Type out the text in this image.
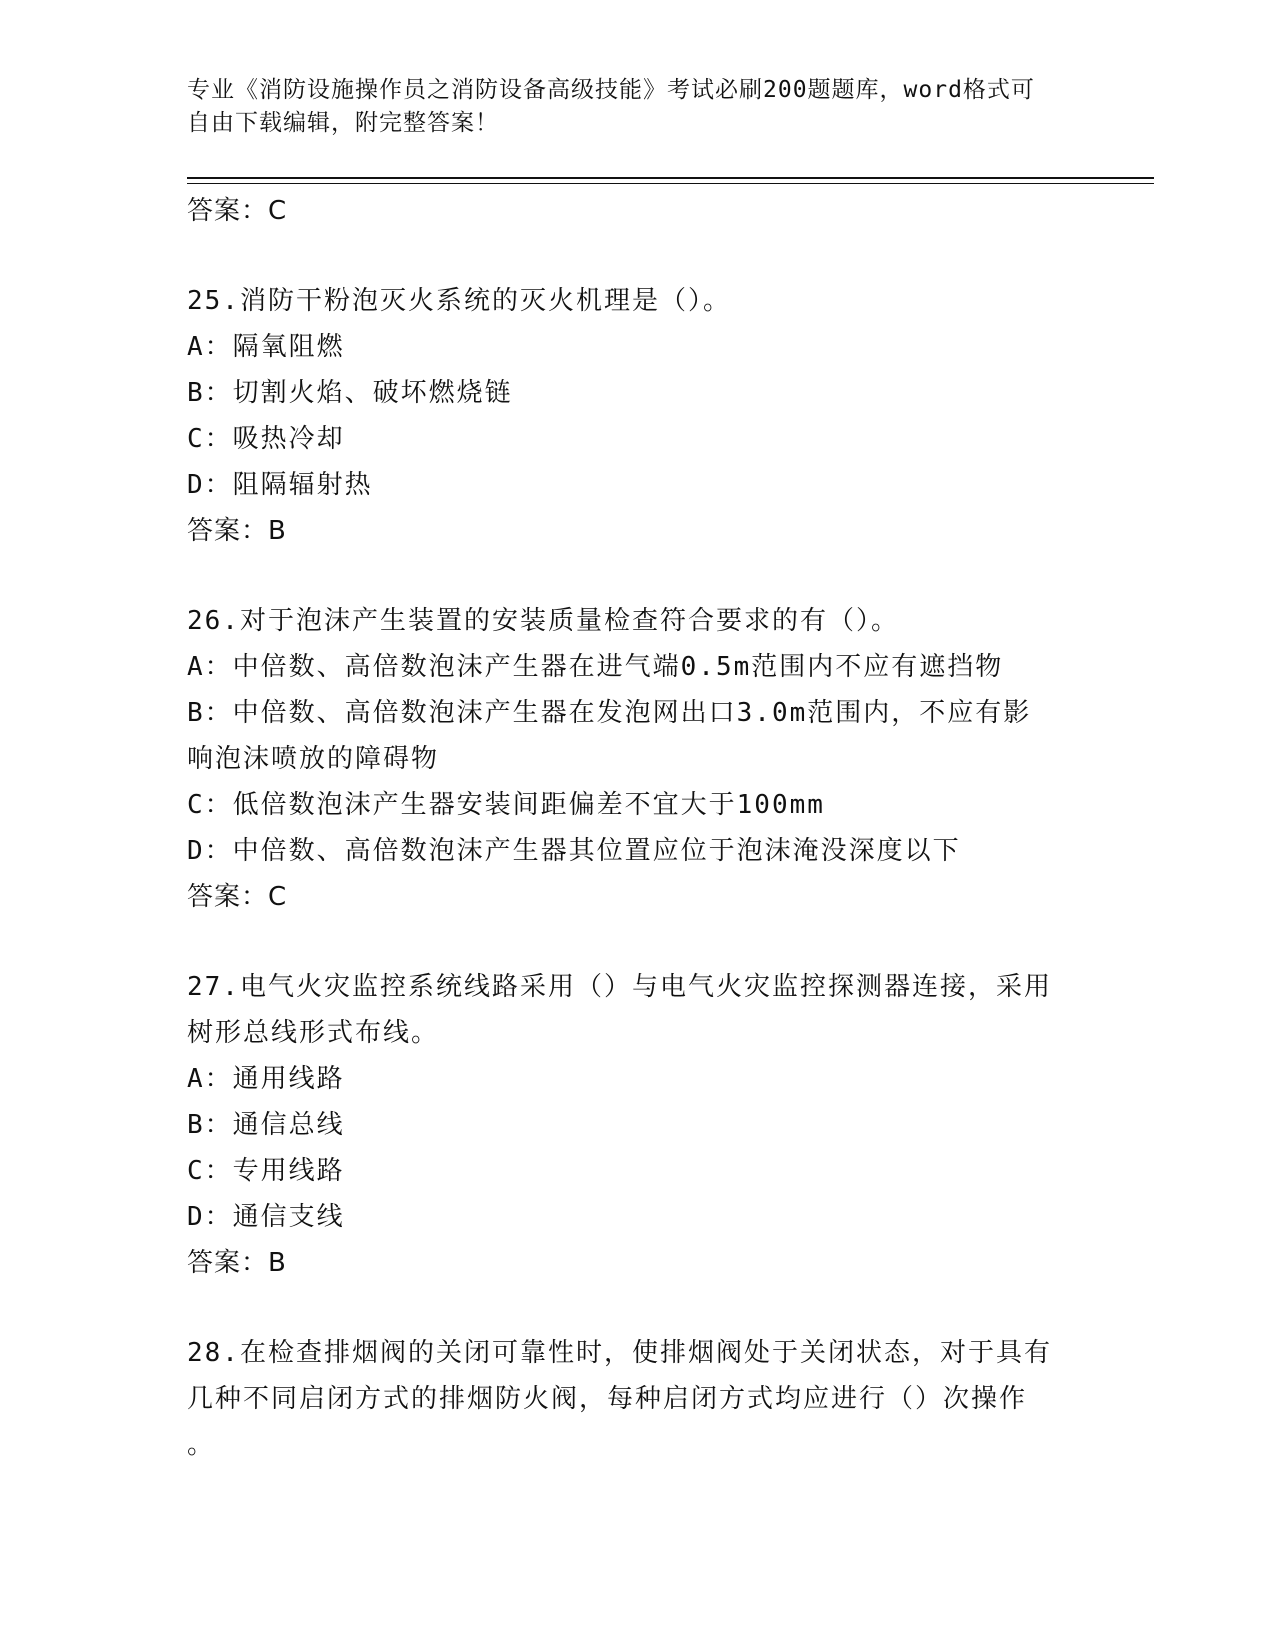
专业《消防设施操作员之消防设备高级技能》考试必刷200题题库，word格式可
自由下载编辑，附完整答案！
答案：C
25.消防干粉泡灭火系统的灭火机理是（）。
A：隔氧阻燃
B：切割火焰、破坏燃烧链
C：吸热冷却
D：阻隔辐射热
答案：B
26.对于泡沫产生装置的安装质量检查符合要求的有（）。
A：中倍数、高倍数泡沫产生器在进气端0.5m范围内不应有遮挡物
B：中倍数、高倍数泡沫产生器在发泡网出口3.0m范围内，不应有影
响泡沫喷放的障碍物
C：低倍数泡沫产生器安装间距偏差不宜大于100mm
D：中倍数、高倍数泡沫产生器其位置应位于泡沫淹没深度以下
答案：C
27.电气火灾监控系统线路采用（）与电气火灾监控探测器连接，采用
树形总线形式布线。
A：通用线路
B：通信总线
C：专用线路
D：通信支线
答案：B
28.在检查排烟阀的关闭可靠性时，使排烟阀处于关闭状态，对于具有
几种不同启闭方式的排烟防火阀，每种启闭方式均应进行（）次操作
。
